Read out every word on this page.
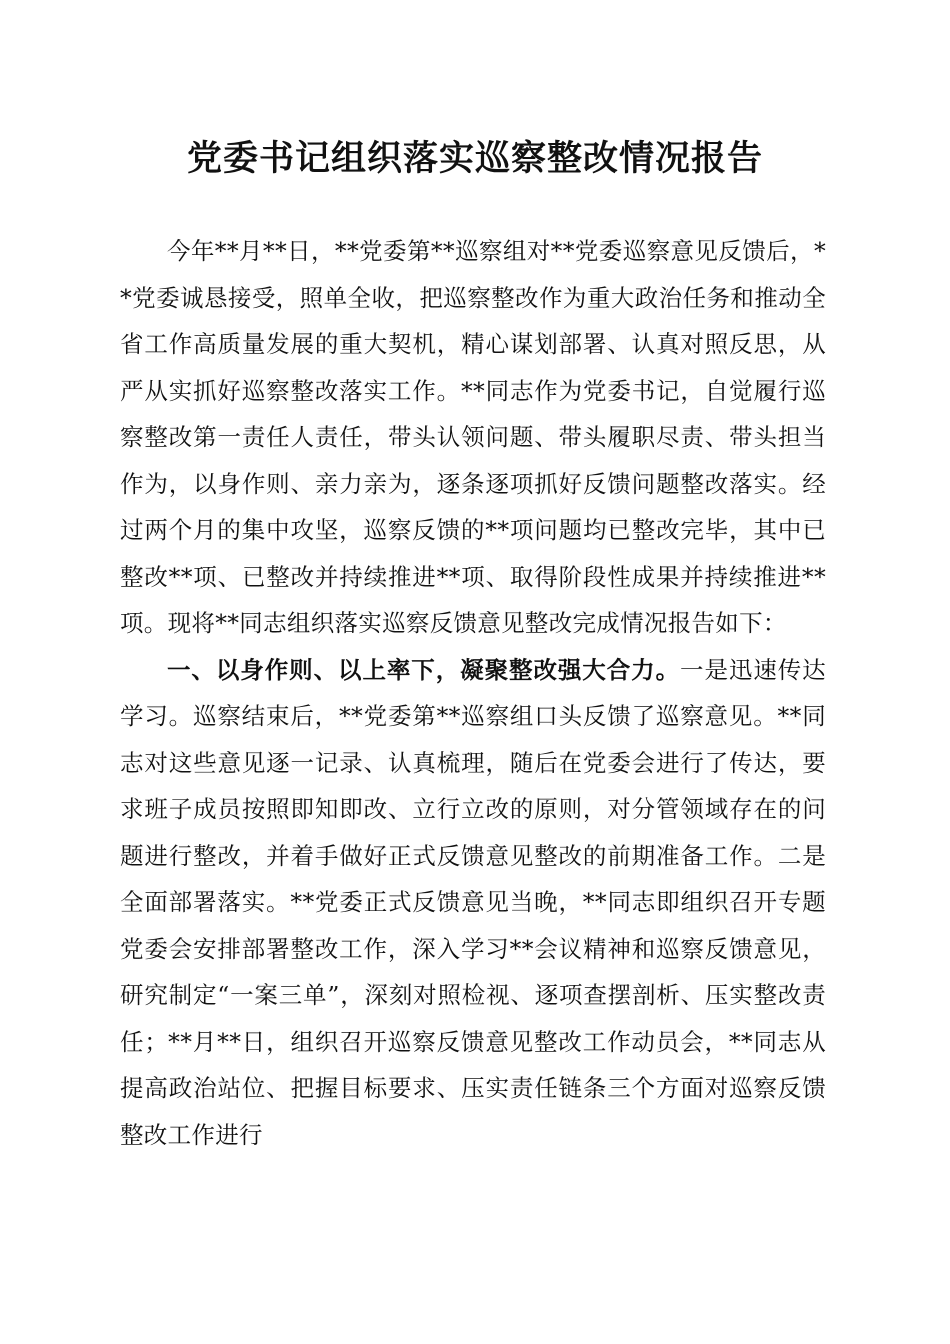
党委书记组织落实巡察整改情况报告

今年**月**日，**党委第**巡察组对**党委巡察意见反馈后，**党委诚恳接受，照单全收，把巡察整改作为重大政治任务和推动全省工作高质量发展的重大契机，精心谋划部署、认真对照反思，从严从实抓好巡察整改落实工作。**同志作为党委书记，自觉履行巡察整改第一责任人责任，带头认领问题、带头履职尽责、带头担当作为，以身作则、亲力亲为，逐条逐项抓好反馈问题整改落实。经过两个月的集中攻坚，巡察反馈的**项问题均已整改完毕，其中已整改**项、已整改并持续推进**项、取得阶段性成果并持续推进**项。现将**同志组织落实巡察反馈意见整改完成情况报告如下：

一、以身作则、以上率下，凝聚整改强大合力。一是迅速传达学习。巡察结束后，**党委第**巡察组口头反馈了巡察意见。**同志对这些意见逐一记录、认真梳理，随后在党委会进行了传达，要求班子成员按照即知即改、立行立改的原则，对分管领域存在的问题进行整改，并着手做好正式反馈意见整改的前期准备工作。二是全面部署落实。**党委正式反馈意见当晚，**同志即组织召开专题党委会安排部署整改工作，深入学习**会议精神和巡察反馈意见，研究制定“一案三单”，深刻对照检视、逐项查摆剖析、压实整改责任；**月**日，组织召开巡察反馈意见整改工作动员会，**同志从提高政治站位、把握目标要求、压实责任链条三个方面对巡察反馈整改工作进行
